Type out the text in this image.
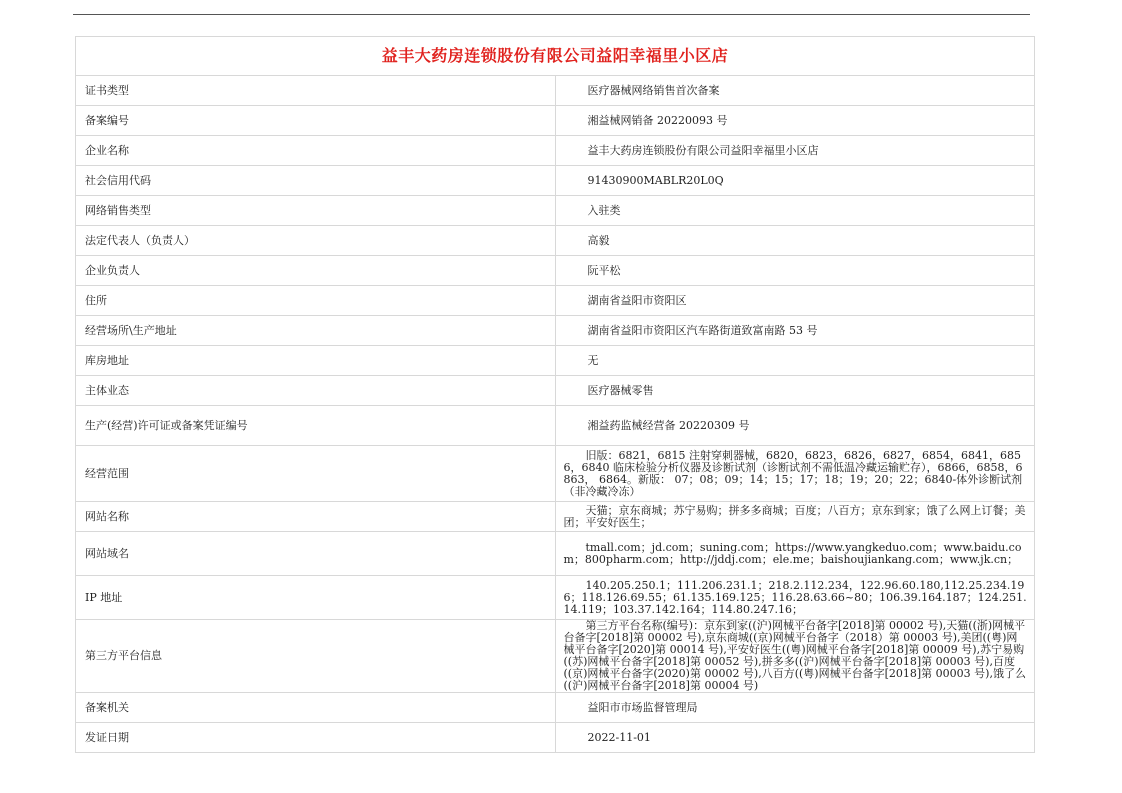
益丰大药房连锁股份有限公司益阳幸福里小区店	
证书类型	医疗器械网络销售首次备案
备案编号	湘益械网销备 20220093 号
企业名称	益丰大药房连锁股份有限公司益阳幸福里小区店
社会信用代码	91430900MABLR20L0Q
网络销售类型	入驻类
法定代表人（负责人）	高毅
企业负责人	阮平松
住所	湖南省益阳市资阳区
经营场所\生产地址	湖南省益阳市资阳区汽车路街道致富南路 53 号
库房地址	无
主体业态	医疗器械零售
生产(经营)许可证或备案凭证编号	湘益药监械经营备 20220309 号
经营范围	旧版：6821，6815 注射穿刺器械，6820，6823，6826，6827，6854，6841，6856，6840 临床检验分析仪器及诊断试剂（诊断试剂不需低温冷藏运输贮存），6866，6858，6863， 6864。新版： 07；08；09；14；15；17；18；19；20；22；6840-体外诊断试剂（非冷藏冷冻）
网站名称	天猫；京东商城；苏宁易购；拼多多商城；百度；八百方；京东到家；饿了么网上订餐；美团；平安好医生；
网站域名	tmall.com；jd.com；suning.com；https://www.yangkeduo.com；www.baidu.com；800pharm.com；http://jddj.com；ele.me；baishoujiankang.com；www.jk.cn；
IP 地址	140.205.250.1；111.206.231.1；218.2.112.234，122.96.60.180,112.25.234.196；118.126.69.55；61.135.169.125；116.28.63.66~80；106.39.164.187；124.251.14.119；103.37.142.164；114.80.247.16；
第三方平台信息	第三方平台名称(编号)：京东到家((沪)网械平台备字[2018]第 00002 号),天猫((浙)网械平台备字[2018]第 00002 号),京东商城((京)网械平台备字（2018）第 00003 号),美团((粤)网械平台备字[2020]第 00014 号),平安好医生((粤)网械平台备字[2018]第 00009 号),苏宁易购((苏)网械平台备字[2018]第 00052 号),拼多多((沪)网械平台备字[2018]第 00003 号),百度((京)网械平台备字(2020)第 00002 号),八百方((粤)网械平台备字[2018]第 00003 号),饿了么((沪)网械平台备字[2018]第 00004 号)
备案机关	益阳市市场监督管理局
发证日期	2022-11-01
